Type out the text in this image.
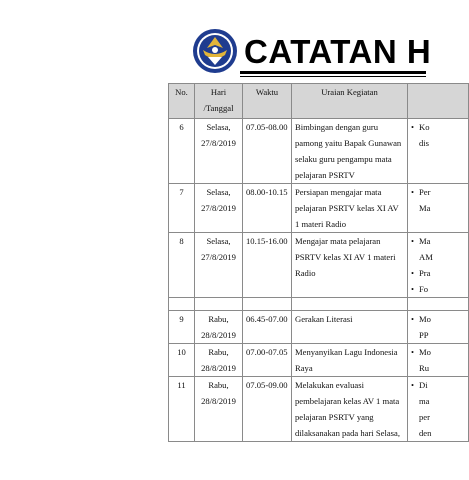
CATATAN H
No.	Hari /Tanggal	Waktu	Uraian Kegiatan	
6	Selasa, 27/8/2019	07.05-08.00	Bimbingan dengan guru pamong yaitu Bapak Gunawan selaku guru pengampu mata pelajaran PSRTV	• Ko
dis

7	Selasa, 27/8/2019	08.00-10.15	Persiapan mengajar mata pelajaran PSRTV kelas XI AV 1 materi Radio	• Per
Ma

8	Selasa, 27/8/2019	10.15-16.00	Mengajar mata pelajaran PSRTV kelas XI AV 1 materi Radio	• Ma
AM
• Pra
• Fo

9	Rabu, 28/8/2019	06.45-07.00	Gerakan Literasi	• Mo
PP

10	Rabu, 28/8/2019	07.00-07.05	Menyanyikan Lagu Indonesia Raya	• Mo
Ru

11	Rabu, 28/8/2019	07.05-09.00	Melakukan evaluasi pembelajaran kelas AV 1 mata pelajaran PSRTV yang dilaksanakan pada hari Selasa,	• Di
ma
per
den
